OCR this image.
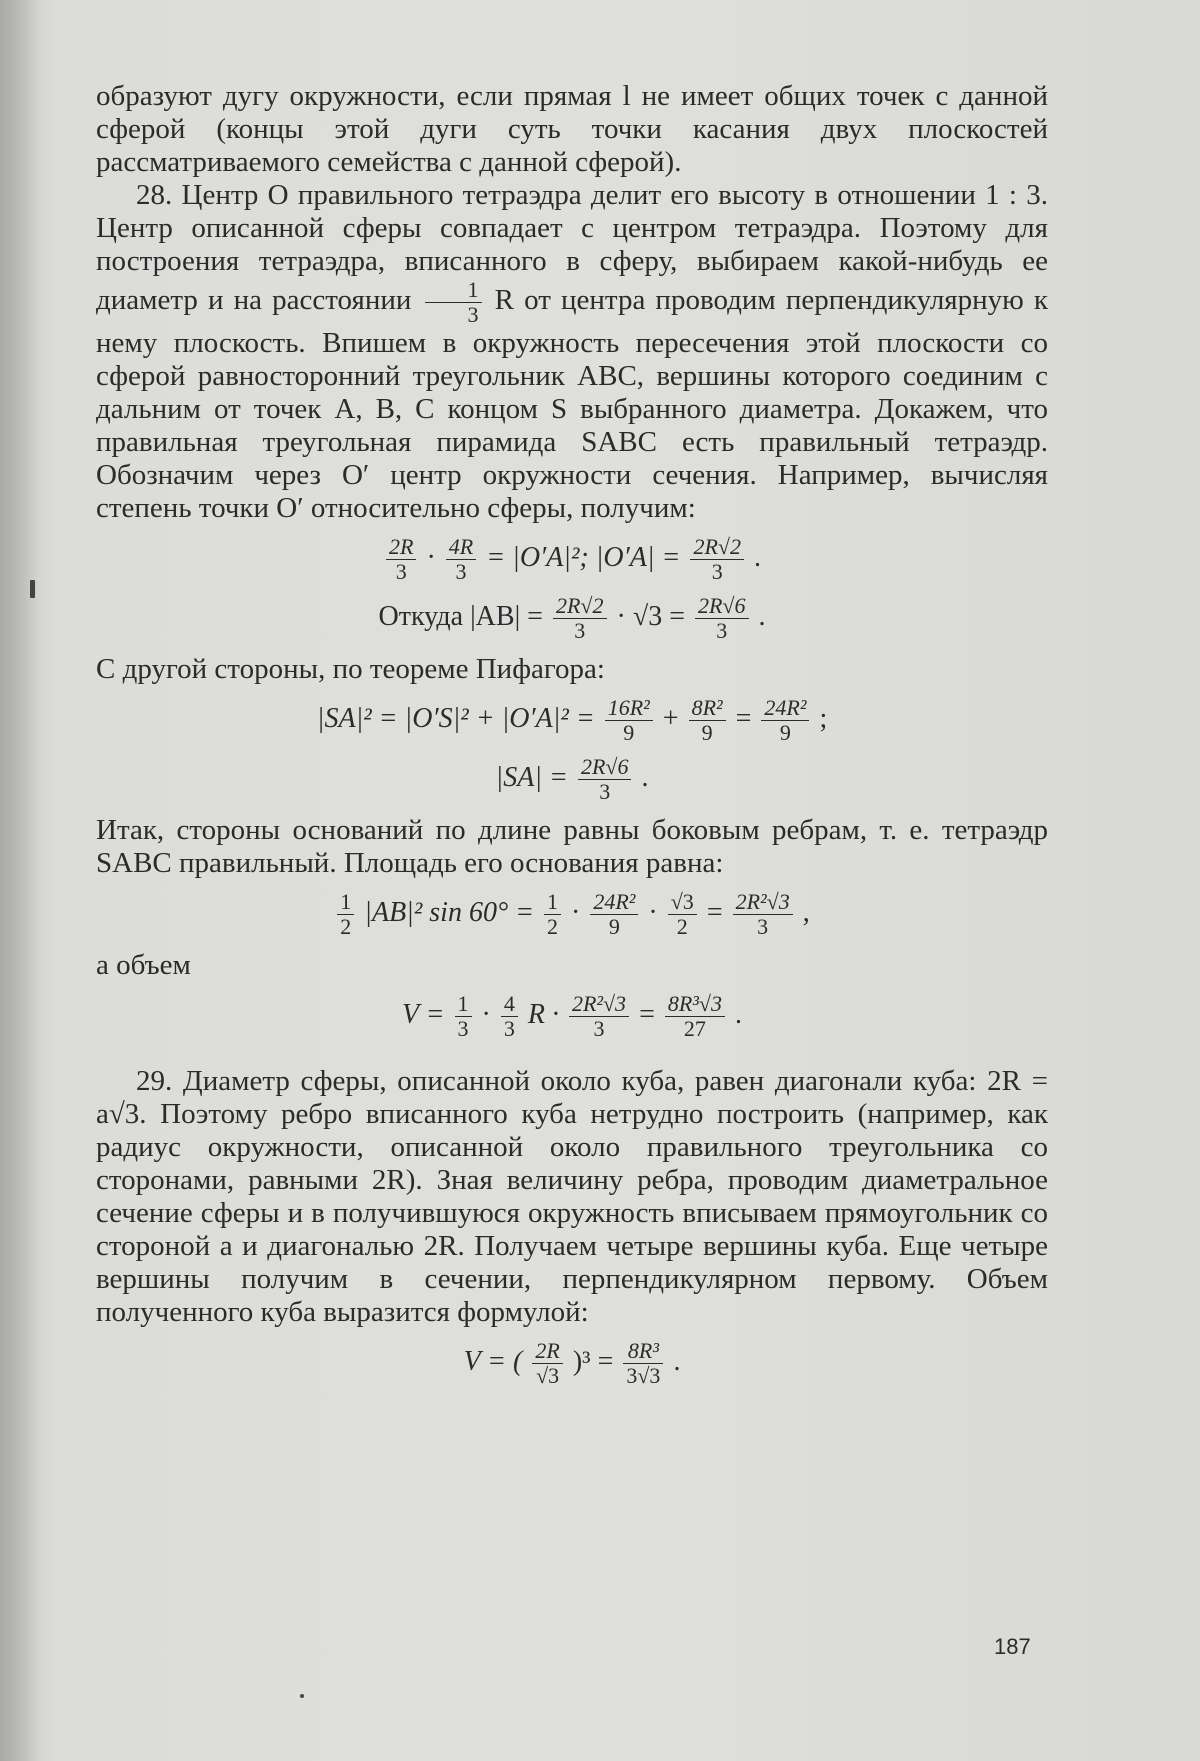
образуют дугу окружности, если прямая l не имеет общих точек с данной сферой (концы этой дуги суть точки касания двух плоскостей рассматриваемого семейства с данной сферой).

28. Центр O правильного тетраэдра делит его высоту в отношении 1 : 3. Центр описанной сферы совпадает с центром тетраэдра. Поэтому для построения тетраэдра, вписанного в сферу, выбираем какой-нибудь ее диаметр и на расстоянии $\frac{1}{3}$ R от центра проводим перпендикулярную к нему плоскость. Впишем в окружность пересечения этой плоскости со сферой равносторонний треугольник ABC, вершины которого соединим с дальним от точек A, B, C концом S выбранного диаметра. Докажем, что правильная треугольная пирамида SABC есть правильный тетраэдр. Обозначим через O′ центр окружности сечения. Например, вычисляя степень точки O′ относительно сферы, получим:

$\frac{2R}{3} \cdot \frac{4R}{3} = |O'A|^2$; $|O'A| = \frac{2R√2}{3}$ .
Откуда $|AB| = \frac{2R√2}{3} \cdot √3 = \frac{2R√6}{3}$ .

С другой стороны, по теореме Пифагора:

$|SA|^2 = |O'S|^2 + |O'A|^2 = \frac{\text{16R²}}{9} + \frac{\text{8R²}}{9} = \frac{\text{24R²}}{9}$ ;
$|SA| = \frac{2R√6}{3}$ .

Итак, стороны оснований по длине равны боковым ребрам, т. е. тетраэдр SABC правильный. Площадь его основания равна:

$\frac{1}{2} |AB|^2$ $\sin 60^\circ = \frac{1}{2} \cdot \frac{\text{24R²}}{9} \cdot \frac{√3}{2} = \frac{\text{2R²√3}}{3}$ ,

а объем

$V = \frac{1}{3} \cdot \frac{4}{3}$ $R \cdot \frac{\text{2R²√3}}{3} = \frac{\text{8R³√3}}{27}$ .

29. Диаметр сферы, описанной около куба, равен диагонали куба: 2R = a√3. Поэтому ребро вписанного куба нетрудно построить (например, как радиус окружности, описанной около правильного треугольника со сторонами, равными 2R). Зная величину ребра, проводим диаметральное сечение сферы и в получившуюся окружность вписываем прямоугольник со стороной a и диагональю 2R. Получаем четыре вершины куба. Еще четыре вершины получим в сечении, перпендикулярном первому. Объем полученного куба выразится формулой:

V = ( $\frac{2R}{√3} )^3 = \frac{\text{8R³}}{3√3}$ .
187
